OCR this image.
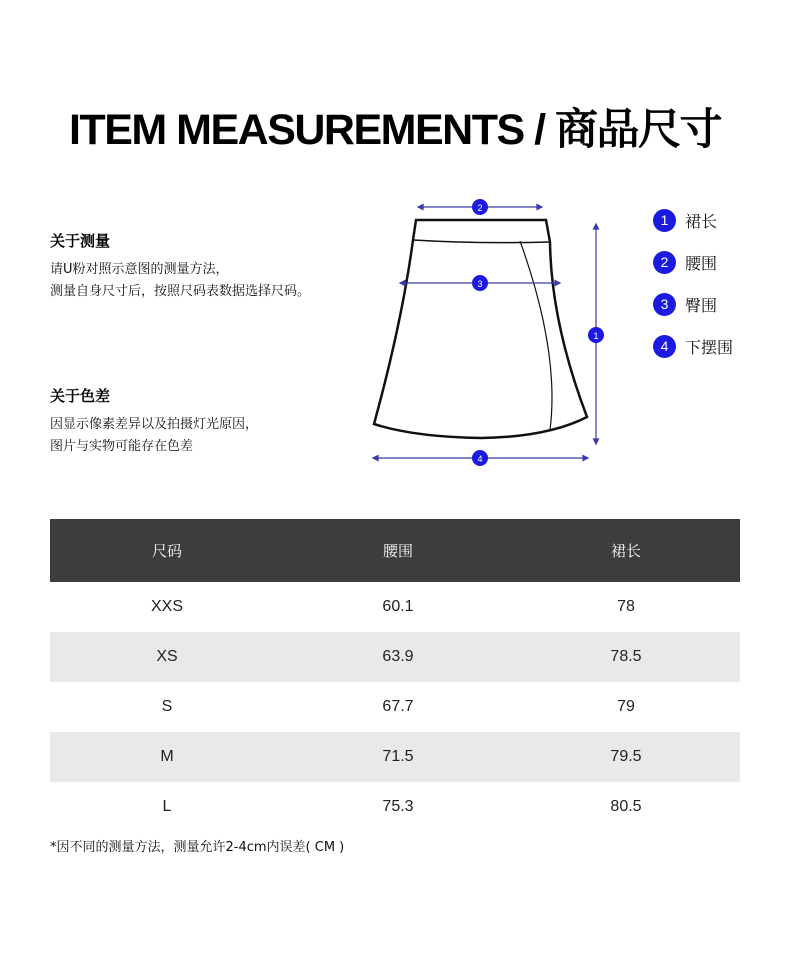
ITEM MEASUREMENTS / 商品尺寸
关于测量
请U粉对照示意图的测量方法，
测量自身尺寸后，按照尺码表数据选择尺码。
关于色差
因显示像素差异以及拍摄灯光原因，
图片与实物可能存在色差
2
3
1
4
1	裙长
2	腰围
3	臀围
4	下摆围
尺码	腰围	裙长
XXS	60.1	78
XS	63.9	78.5
S	67.7	79
M	71.5	79.5
L	75.3	80.5
*因不同的测量方法，测量允许2-4cm内误差( CM )
